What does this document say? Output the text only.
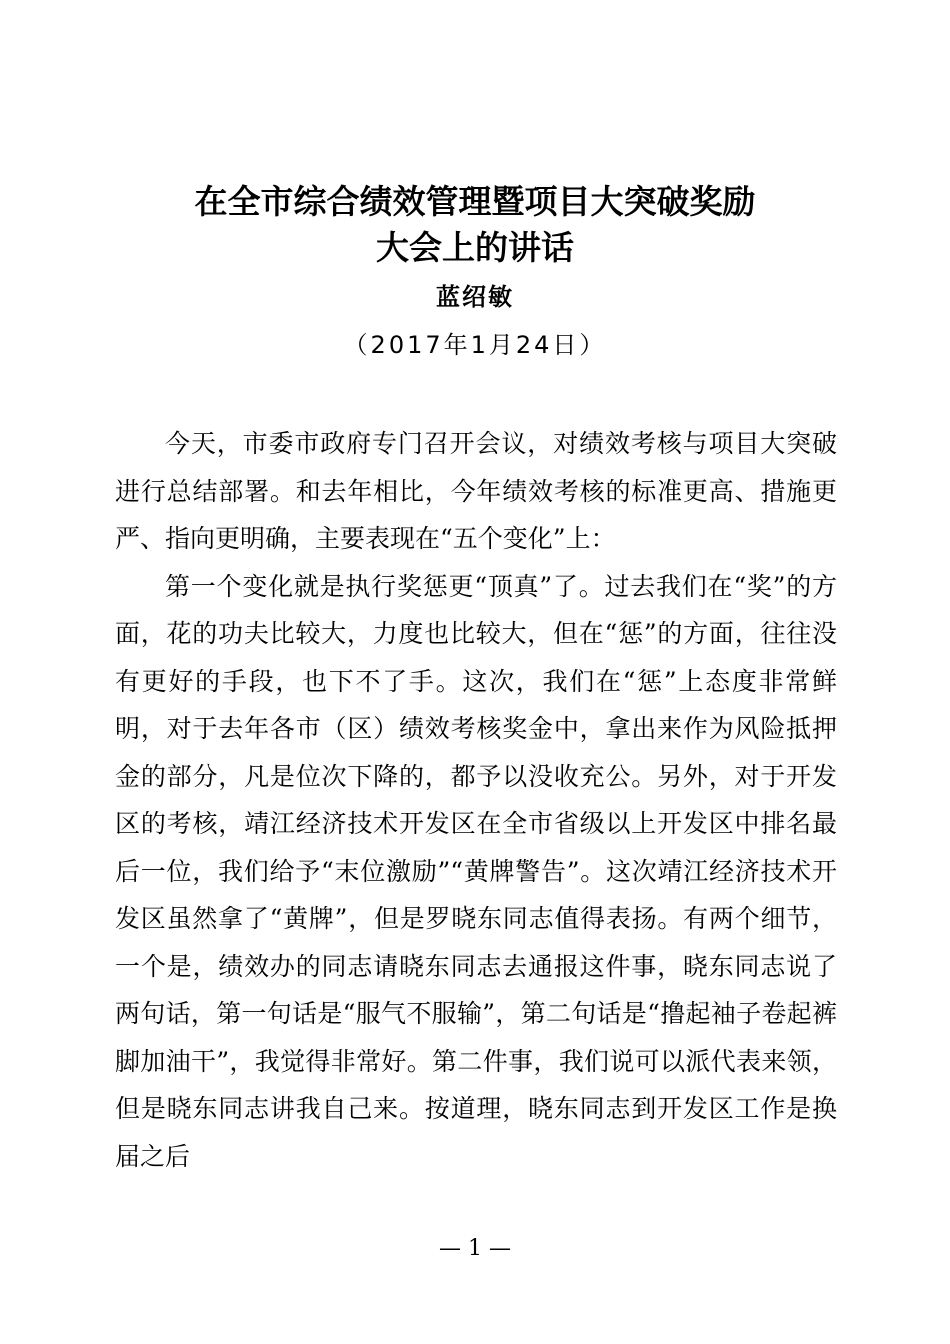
在全市综合绩效管理暨项目大突破奖励
大会上的讲话
蓝绍敏
（2017年1月24日）

今天，市委市政府专门召开会议，对绩效考核与项目大突破进行总结部署。和去年相比，今年绩效考核的标准更高、措施更严、指向更明确，主要表现在“五个变化”上：

第一个变化就是执行奖惩更“顶真”了。过去我们在“奖”的方面，花的功夫比较大，力度也比较大，但在“惩”的方面，往往没有更好的手段，也下不了手。这次，我们在“惩”上态度非常鲜明，对于去年各市（区）绩效考核奖金中，拿出来作为风险抵押金的部分，凡是位次下降的，都予以没收充公。另外，对于开发区的考核，靖江经济技术开发区在全市省级以上开发区中排名最后一位，我们给予“末位激励”“黄牌警告”。这次靖江经济技术开发区虽然拿了“黄牌”，但是罗晓东同志值得表扬。有两个细节，一个是，绩效办的同志请晓东同志去通报这件事，晓东同志说了两句话，第一句话是“服气不服输”，第二句话是“撸起袖子卷起裤脚加油干”，我觉得非常好。第二件事，我们说可以派代表来领，但是晓东同志讲我自己来。按道理，晓东同志到开发区工作是换届之后

— 1 —
